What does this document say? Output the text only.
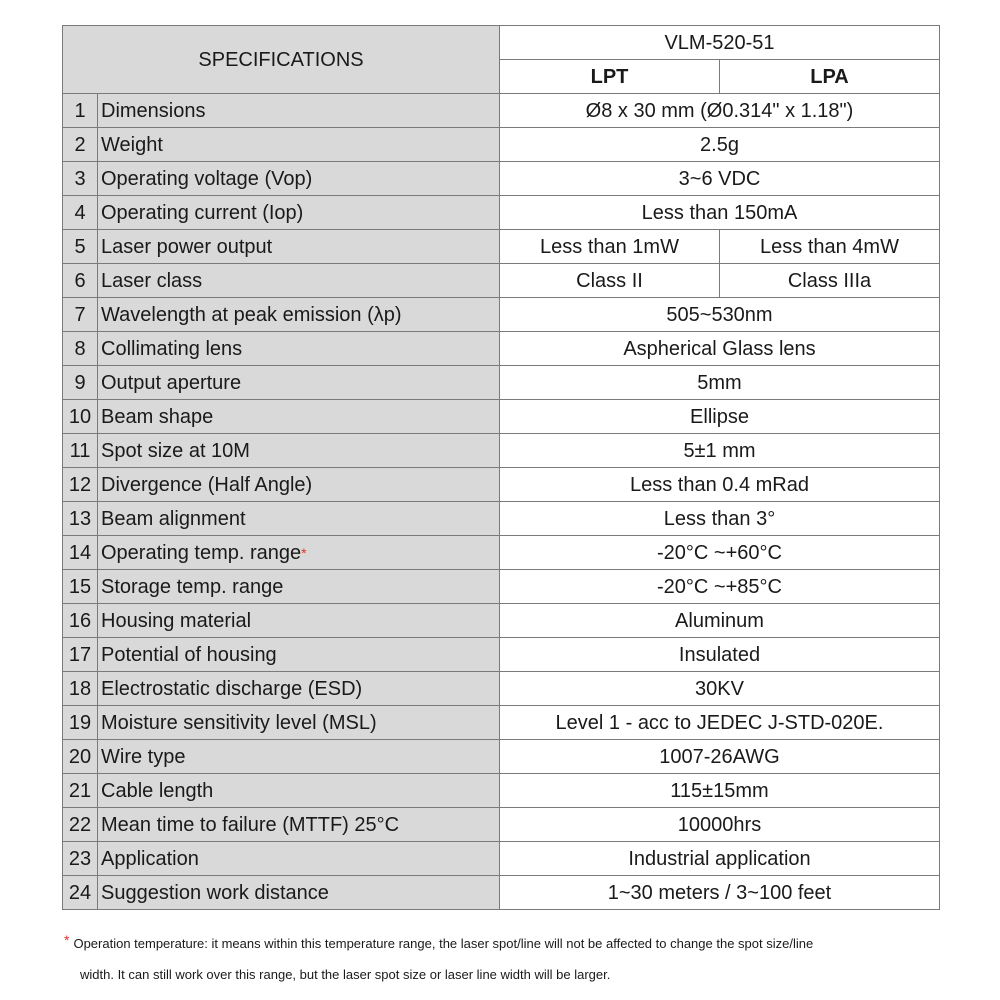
SPECIFICATIONS		VLM-520-51	
		LPT	LPA
1	Dimensions	Ø8 x 30 mm (Ø0.314" x 1.18")	
2	Weight	2.5g	
3	Operating voltage (Vop)	3~6 VDC	
4	Operating current (Iop)	Less than 150mA	
5	Laser power output	Less than 1mW	Less than 4mW
6	Laser class	Class II	Class IIIa
7	Wavelength at peak emission (λp)	505~530nm	
8	Collimating lens	Aspherical Glass lens	
9	Output aperture	5mm	
10	Beam shape	Ellipse	
11	Spot size at 10M	5±1 mm	
12	Divergence (Half Angle)	Less than 0.4 mRad	
13	Beam alignment	Less than 3°	
14	Operating temp. range*	-20°C ~+60°C	
15	Storage temp. range	-20°C ~+85°C	
16	Housing material	Aluminum	
17	Potential of housing	Insulated	
18	Electrostatic discharge (ESD)	30KV	
19	Moisture sensitivity level (MSL)	Level 1 - acc to JEDEC J-STD-020E.	
20	Wire type	1007-26AWG	
21	Cable length	115±15mm	
22	Mean time to failure (MTTF) 25°C	10000hrs	
23	Application	Industrial application	
24	Suggestion work distance	1~30 meters / 3~100 feet	
* Operation temperature: it means within this temperature range, the laser spot/line will not be affected to change the spot size/line
width. It can still work over this range, but the laser spot size or laser line width will be larger.
